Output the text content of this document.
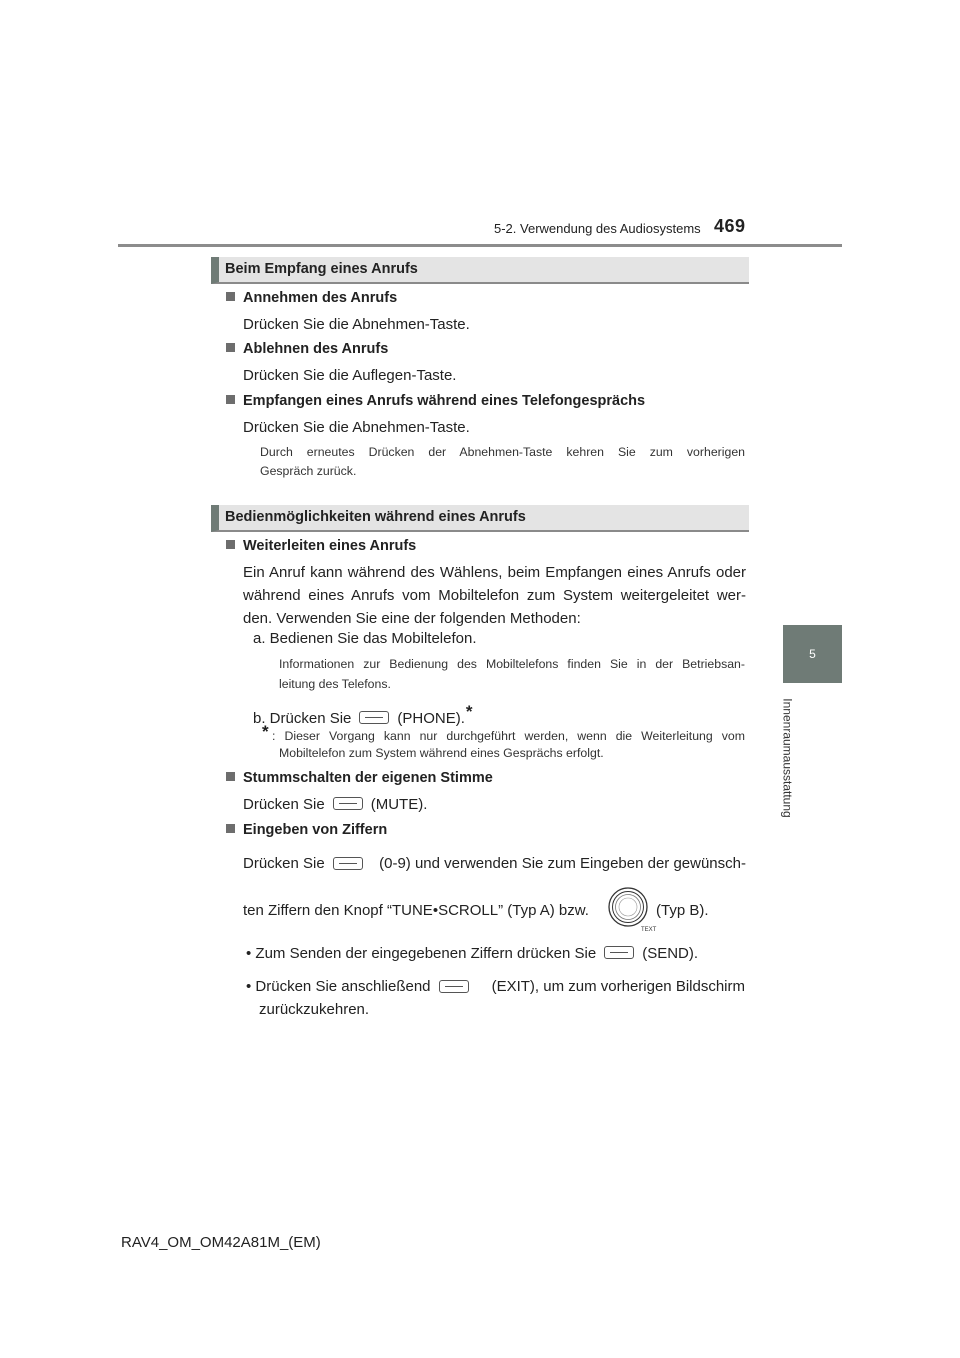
5-2. Verwendung des Audiosystems 469
5
Innenraumausstattung
Beim Empfang eines Anrufs
Annehmen des Anrufs
Drücken Sie die Abnehmen-Taste.
Ablehnen des Anrufs
Drücken Sie die Auflegen-Taste.
Empfangen eines Anrufs während eines Telefongesprächs
Drücken Sie die Abnehmen-Taste.
Durch erneutes Drücken der Abnehmen-Taste kehren Sie zum vorherigen
Gespräch zurück.
Bedienmöglichkeiten während eines Anrufs
Weiterleiten eines Anrufs
Ein Anruf kann während des Wählens, beim Empfangen eines Anrufs oder
während eines Anrufs vom Mobiltelefon zum System weitergeleitet wer-
den. Verwenden Sie eine der folgenden Methoden:
a. Bedienen Sie das Mobiltelefon.
Informationen zur Bedienung des Mobiltelefons finden Sie in der Betriebsan-
leitung des Telefons.
b. Drücken Sie	(PHONE).*
* : Dieser Vorgang kann nur durchgeführt werden, wenn die Weiterleitung vom
Mobiltelefon zum System während eines Gesprächs erfolgt.
Stummschalten der eigenen Stimme
Drücken Sie	(MUTE).
Eingeben von Ziffern
Drücken Sie	(0-9) und verwenden Sie zum Eingeben der gewünsch-
ten Ziffern den Knopf “TUNE•SCROLL” (Typ A) bzw.
TEXT
(Typ B).
• Zum Senden der eingegebenen Ziffern drücken Sie	(SEND).
• Drücken Sie anschließend	(EXIT), um zum vorherigen Bildschirm
zurückzukehren.
RAV4_OM_OM42A81M_(EM)
